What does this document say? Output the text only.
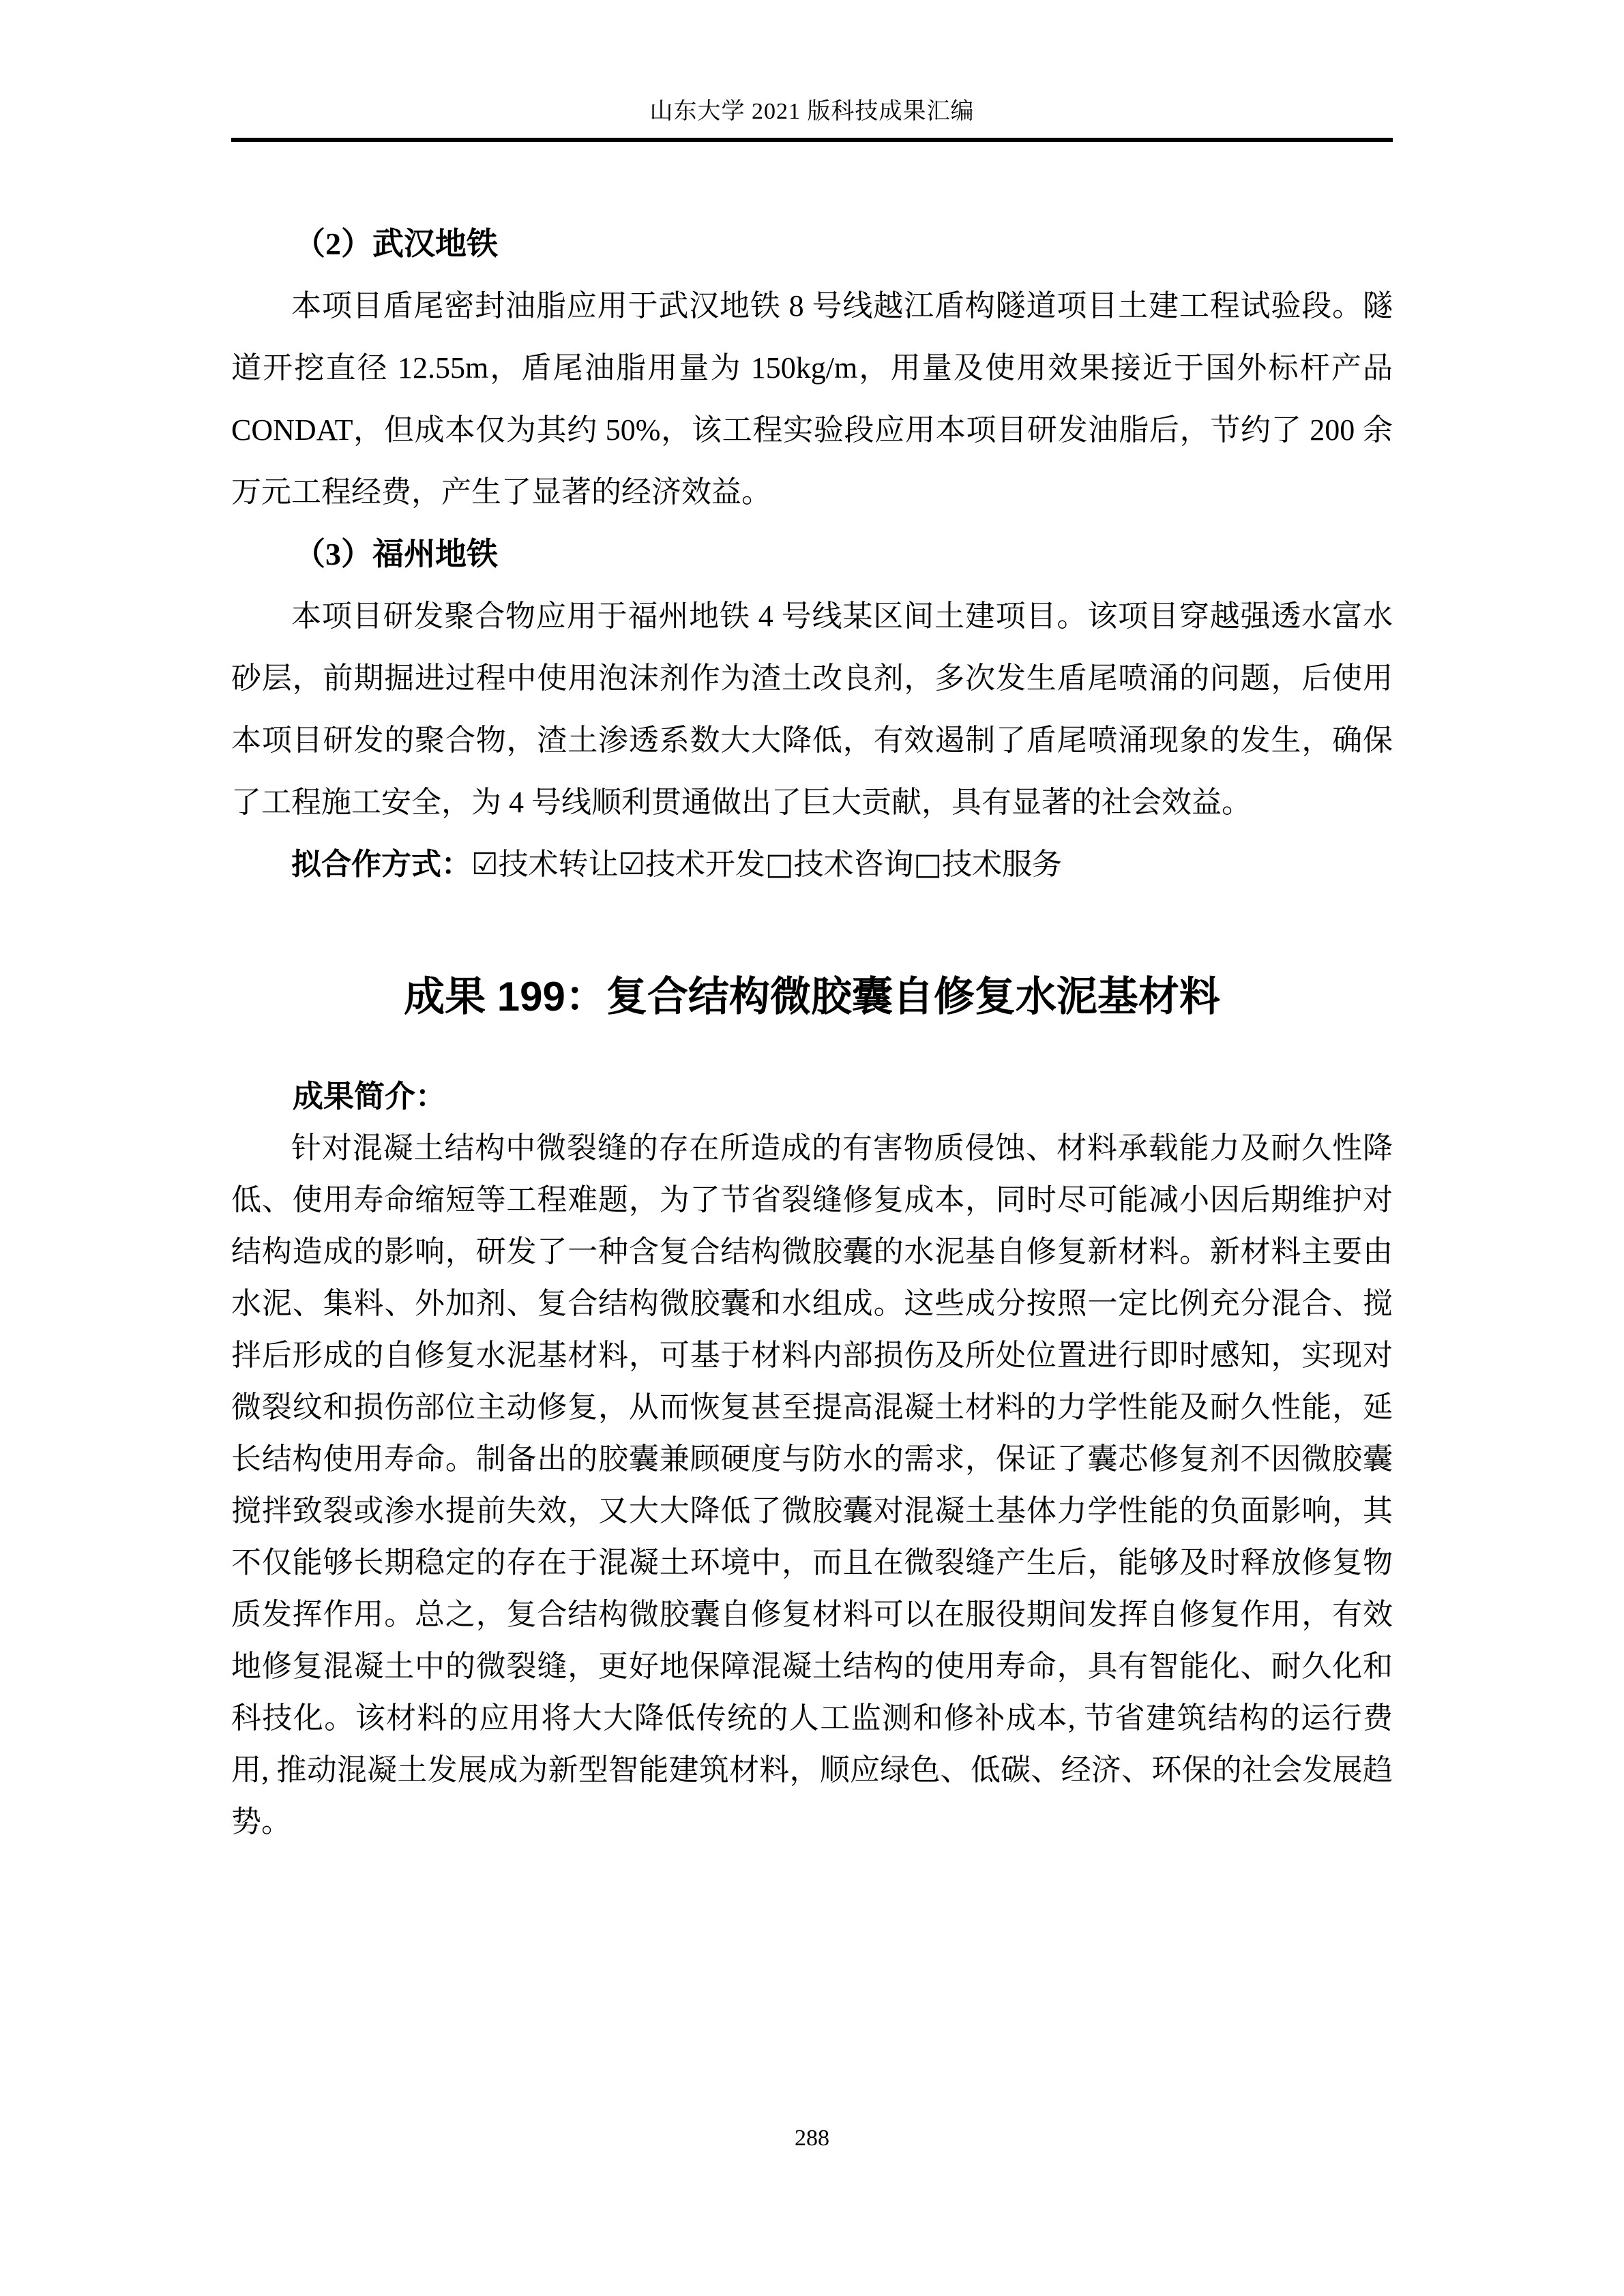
山东大学 2021 版科技成果汇编
（2）武汉地铁

本项目盾尾密封油脂应用于武汉地铁 8 号线越江盾构隧道项目土建工程试验段。隧道开挖直径 12.55m，盾尾油脂用量为 150kg/m，用量及使用效果接近于国外标杆产品 CONDAT，但成本仅为其约 50%，该工程实验段应用本项目研发油脂后，节约了 200 余万元工程经费，产生了显著的经济效益。

（3）福州地铁

本项目研发聚合物应用于福州地铁 4 号线某区间土建项目。该项目穿越强透水富水砂层，前期掘进过程中使用泡沫剂作为渣土改良剂，多次发生盾尾喷涌的问题，后使用本项目研发的聚合物，渣土渗透系数大大降低，有效遏制了盾尾喷涌现象的发生，确保了工程施工安全，为 4 号线顺利贯通做出了巨大贡献，具有显著的社会效益。

拟合作方式：☑技术转让☑技术开发□技术咨询□技术服务

成果 199：复合结构微胶囊自修复水泥基材料
成果简介：

针对混凝土结构中微裂缝的存在所造成的有害物质侵蚀、材料承载能力及耐久性降低、使用寿命缩短等工程难题，为了节省裂缝修复成本，同时尽可能减小因后期维护对结构造成的影响，研发了一种含复合结构微胶囊的水泥基自修复新材料。新材料主要由水泥、集料、外加剂、复合结构微胶囊和水组成。这些成分按照一定比例充分混合、搅拌后形成的自修复水泥基材料，可基于材料内部损伤及所处位置进行即时感知，实现对微裂纹和损伤部位主动修复，从而恢复甚至提高混凝土材料的力学性能及耐久性能，延长结构使用寿命。制备出的胶囊兼顾硬度与防水的需求，保证了囊芯修复剂不因微胶囊搅拌致裂或渗水提前失效，又大大降低了微胶囊对混凝土基体力学性能的负面影响，其不仅能够长期稳定的存在于混凝土环境中，而且在微裂缝产生后，能够及时释放修复物质发挥作用。总之，复合结构微胶囊自修复材料可以在服役期间发挥自修复作用，有效地修复混凝土中的微裂缝，更好地保障混凝土结构的使用寿命，具有智能化、耐久化和科技化。该材料的应用将大大降低传统的人工监测和修补成本, 节省建筑结构的运行费用, 推动混凝土发展成为新型智能建筑材料，顺应绿色、低碳、经济、环保的社会发展趋势。

288
